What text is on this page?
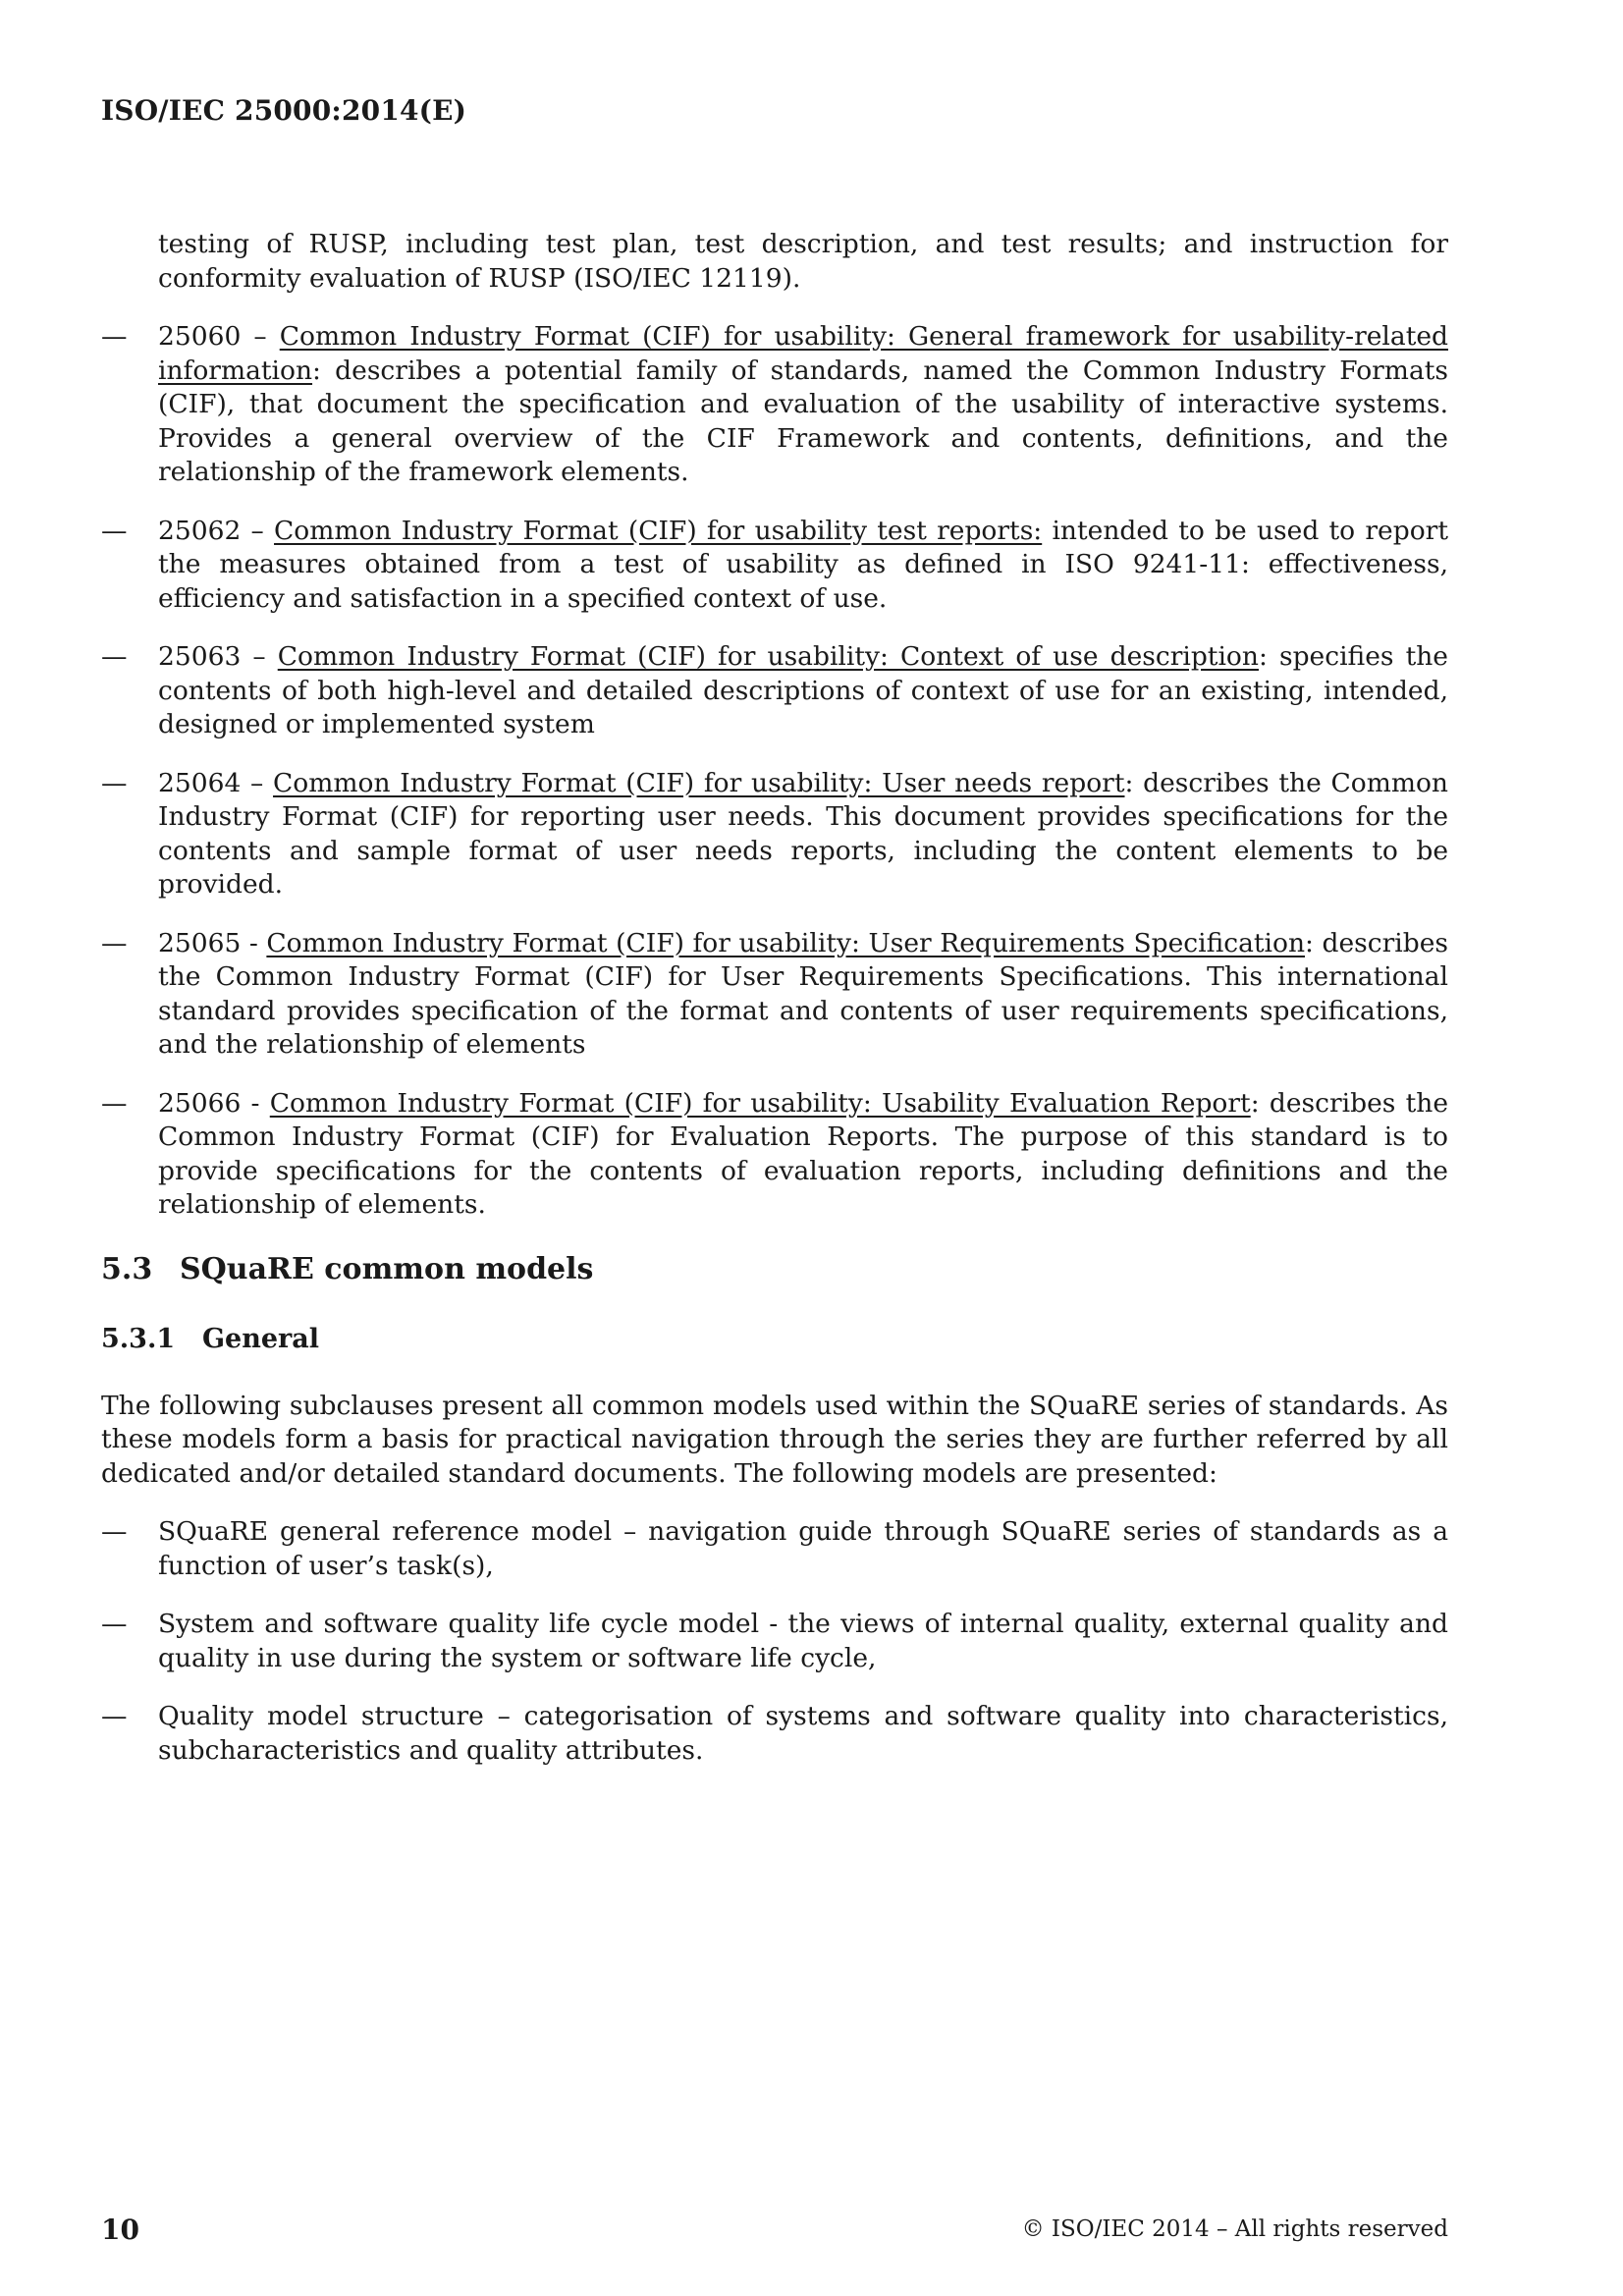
ISO/IEC 25000:2014(E)

testing of RUSP, including test plan, test description, and test results; and instruction for conformity evaluation of RUSP (ISO/IEC 12119).

— 25060 – Common Industry Format (CIF) for usability: General framework for usability-related information: describes a potential family of standards, named the Common Industry Formats (CIF), that document the specification and evaluation of the usability of interactive systems. Provides a general overview of the CIF Framework and contents, definitions, and the relationship of the framework elements.
— 25062 – Common Industry Format (CIF) for usability test reports: intended to be used to report the measures obtained from a test of usability as defined in ISO 9241-11: effectiveness, efficiency and satisfaction in a specified context of use.
— 25063 – Common Industry Format (CIF) for usability: Context of use description: specifies the contents of both high-level and detailed descriptions of context of use for an existing, intended, designed or implemented system
— 25064 – Common Industry Format (CIF) for usability: User needs report: describes the Common Industry Format (CIF) for reporting user needs. This document provides specifications for the contents and sample format of user needs reports, including the content elements to be provided.
— 25065 - Common Industry Format (CIF) for usability: User Requirements Specification: describes the Common Industry Format (CIF) for User Requirements Specifications. This international standard provides specification of the format and contents of user requirements specifications, and the relationship of elements
— 25066 - Common Industry Format (CIF) for usability: Usability Evaluation Report: describes the Common Industry Format (CIF) for Evaluation Reports. The purpose of this standard is to provide specifications for the contents of evaluation reports, including definitions and the relationship of elements.
5.3 SQuaRE common models
5.3.1 General

The following subclauses present all common models used within the SQuaRE series of standards. As these models form a basis for practical navigation through the series they are further referred by all dedicated and/or detailed standard documents. The following models are presented:

— SQuaRE general reference model – navigation guide through SQuaRE series of standards as a function of user’s task(s),
— System and software quality life cycle model - the views of internal quality, external quality and quality in use during the system or software life cycle,
— Quality model structure – categorisation of systems and software quality into characteristics, subcharacteristics and quality attributes.
10	© ISO/IEC 2014 – All rights reserved
